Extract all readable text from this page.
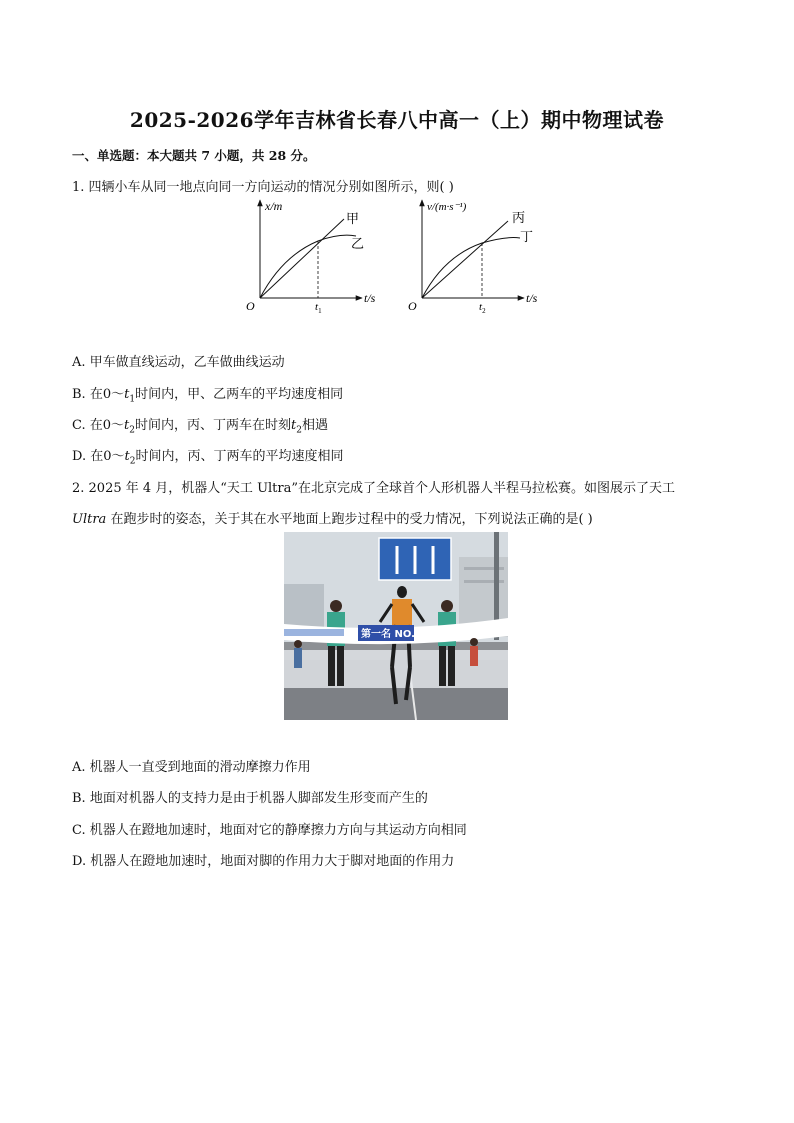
2025-2026学年吉林省长春八中高一（上）期中物理试卷
一、单选题：本大题共 7 小题，共 28 分。
1. 四辆小车从同一地点向同一方向运动的情况分别如图所示，则( )
x/m
t/s
O	$t_1$
甲
乙
v/(m·s⁻¹)
t/s
O	$t_2$
丙
丁
A. 甲车做直线运动，乙车做曲线运动
B. 在$0\sim t_1$时间内，甲、乙两车的平均速度相同
C. 在$0\sim t_2$时间内，丙、丁两车在时刻$t_2$相遇
D. 在$0\sim t_2$时间内，丙、丁两车的平均速度相同
2. 2025 年 4 月，机器人“天工 Ultra”在北京完成了全球首个人形机器人半程马拉松赛。如图展示了天工
Ultra 在跑步时的姿态，关于其在水平地面上跑步过程中的受力情况，下列说法正确的是( )
第一名 NO.1
A. 机器人一直受到地面的滑动摩擦力作用
B. 地面对机器人的支持力是由于机器人脚部发生形变而产生的
C. 机器人在蹬地加速时，地面对它的静摩擦力方向与其运动方向相同
D. 机器人在蹬地加速时，地面对脚的作用力大于脚对地面的作用力
